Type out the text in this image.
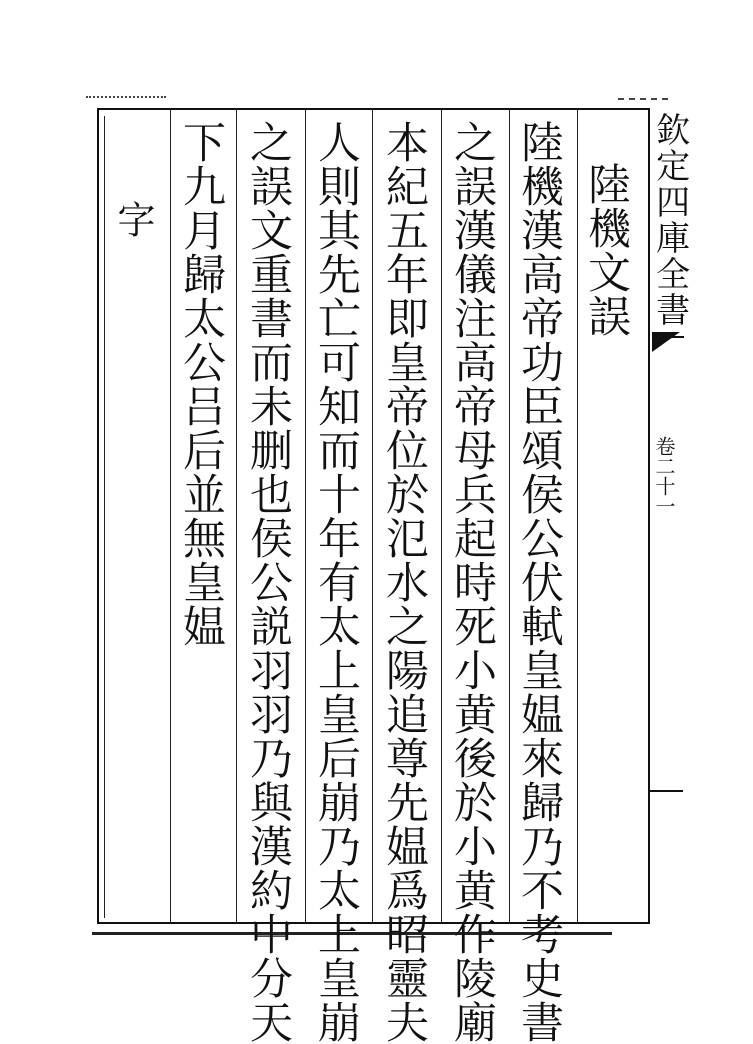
欽定四庫全書
卷二十一
陸機文誤
陸機漢高帝功臣頌侯公伏軾皇媪來歸乃不考史書
之誤漢儀注高帝母兵起時死小黄後於小黄作陵廟
本紀五年即皇帝位於氾水之陽追尊先媪爲昭靈夫
人則其先亡可知而十年有太上皇后崩乃太上皇崩
之誤文重書而未删也侯公説羽羽乃與漢約中分天
下九月歸太公吕后並無皇媪
字
